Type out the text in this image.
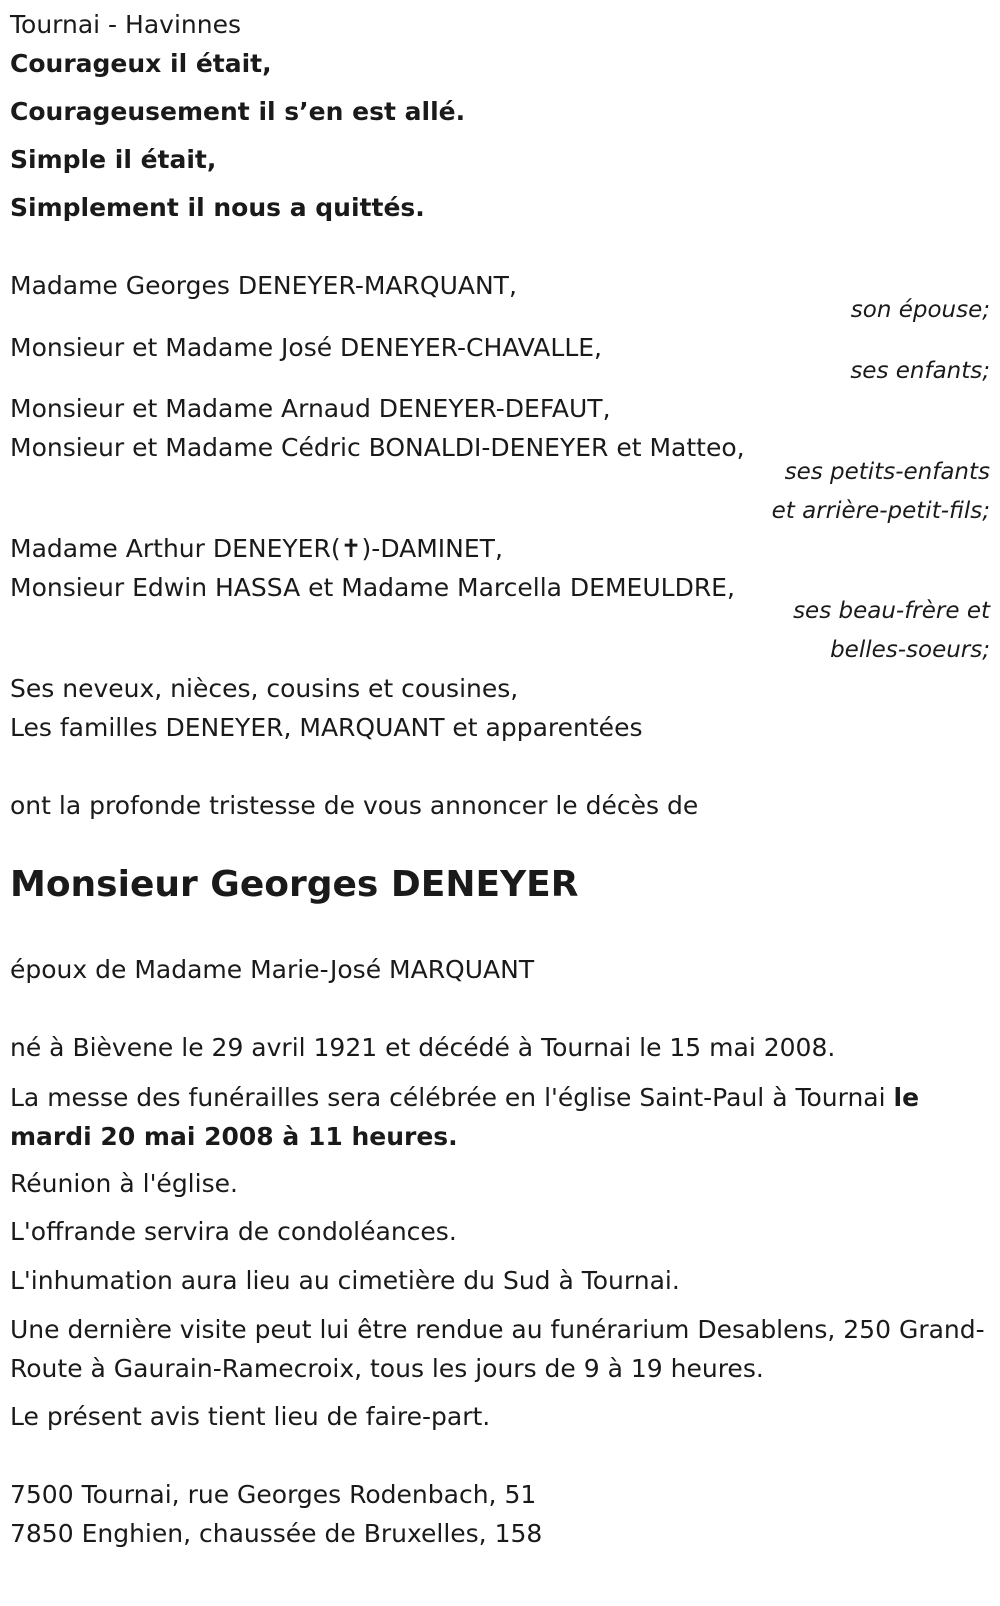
Tournai - Havinnes

Courageux il était,

Courageusement il s’en est allé.

Simple il était,

Simplement il nous a quittés.

Madame Georges DENEYER-MARQUANT,

son épouse;

Monsieur et Madame José DENEYER-CHAVALLE,

ses enfants;

Monsieur et Madame Arnaud DENEYER-DEFAUT,

Monsieur et Madame Cédric BONALDI-DENEYER et Matteo,

ses petits-enfants

et arrière-petit-fils;

Madame Arthur DENEYER(✝)-DAMINET,

Monsieur Edwin HASSA et Madame Marcella DEMEULDRE,

ses beau-frère et

belles-soeurs;

Ses neveux, nièces, cousins et cousines,

Les familles DENEYER, MARQUANT et apparentées

ont la profonde tristesse de vous annoncer le décès de

Monsieur Georges DENEYER

époux de Madame Marie-José MARQUANT

né à Bièvene le 29 avril 1921 et décédé à Tournai le 15 mai 2008.

La messe des funérailles sera célébrée en l'église Saint-Paul à Tournai le mardi 20 mai 2008 à 11 heures.

Réunion à l'église.

L'offrande servira de condoléances.

L'inhumation aura lieu au cimetière du Sud à Tournai.

Une dernière visite peut lui être rendue au funérarium Desablens, 250 Grand-Route à Gaurain-Ramecroix, tous les jours de 9 à 19 heures.

Le présent avis tient lieu de faire-part.

7500 Tournai, rue Georges Rodenbach, 51

7850 Enghien, chaussée de Bruxelles, 158
